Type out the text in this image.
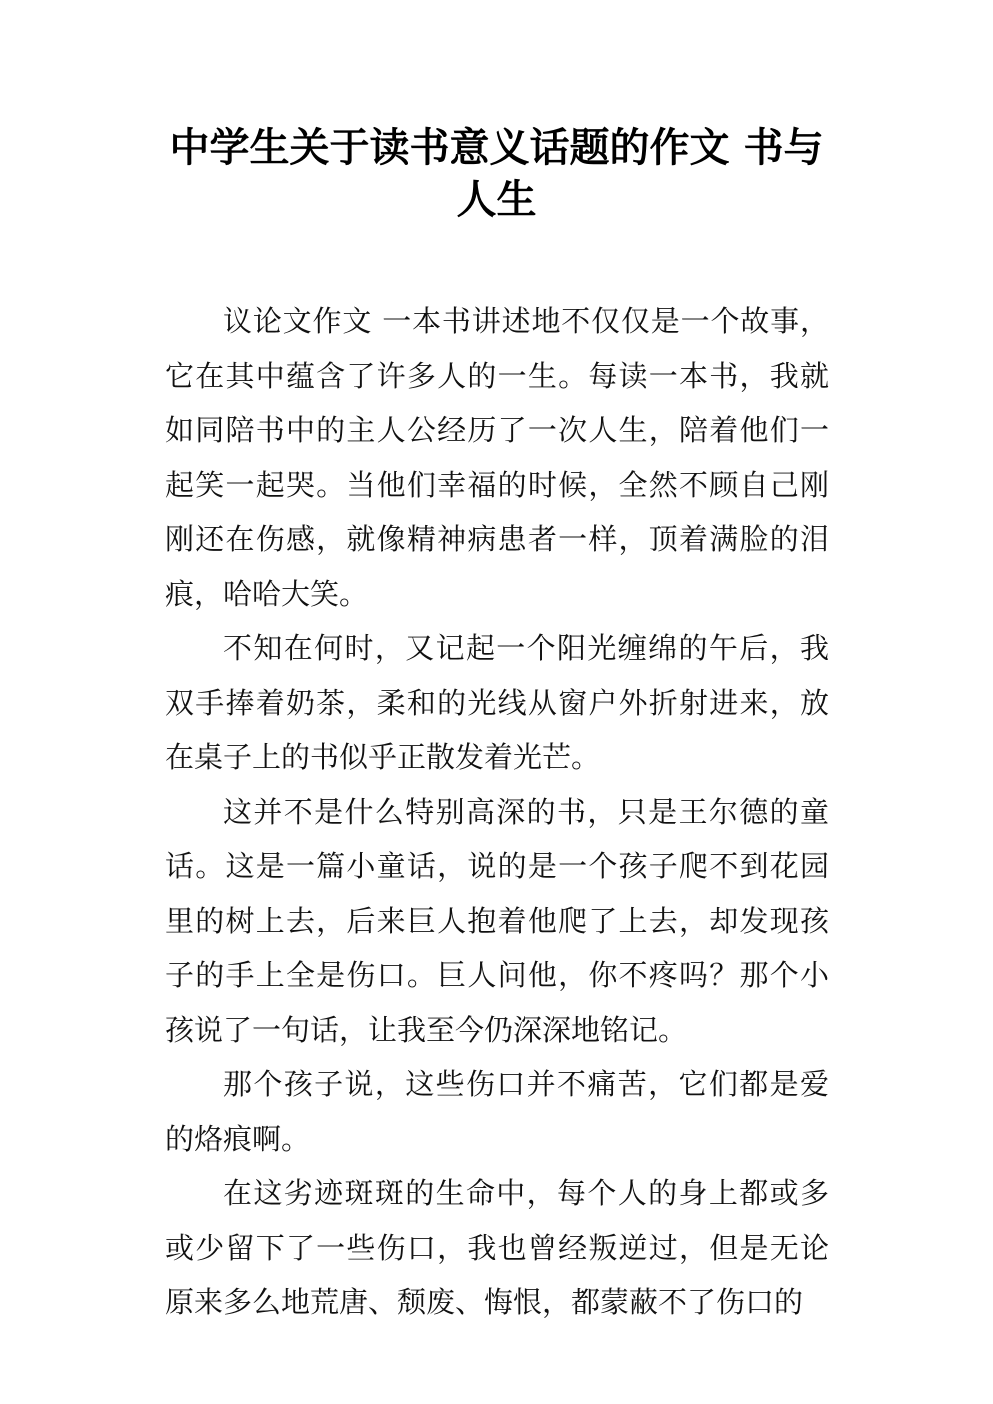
中学生关于读书意义话题的作文 书与
人生

议论文作文 一本书讲述地不仅仅是一个故事，它在其中蕴含了许多人的一生。每读一本书，我就如同陪书中的主人公经历了一次人生，陪着他们一起笑一起哭。当他们幸福的时候，全然不顾自己刚刚还在伤感，就像精神病患者一样，顶着满脸的泪痕，哈哈大笑。

不知在何时，又记起一个阳光缠绵的午后，我双手捧着奶茶，柔和的光线从窗户外折射进来，放在桌子上的书似乎正散发着光芒。

这并不是什么特别高深的书，只是王尔德的童话。这是一篇小童话，说的是一个孩子爬不到花园里的树上去，后来巨人抱着他爬了上去，却发现孩子的手上全是伤口。巨人问他，你不疼吗？那个小孩说了一句话，让我至今仍深深地铭记。

那个孩子说，这些伤口并不痛苦，它们都是爱的烙痕啊。

在这劣迹斑斑的生命中，每个人的身上都或多或少留下了一些伤口，我也曾经叛逆过，但是无论原来多么地荒唐、颓废、悔恨，都蒙蔽不了伤口的
